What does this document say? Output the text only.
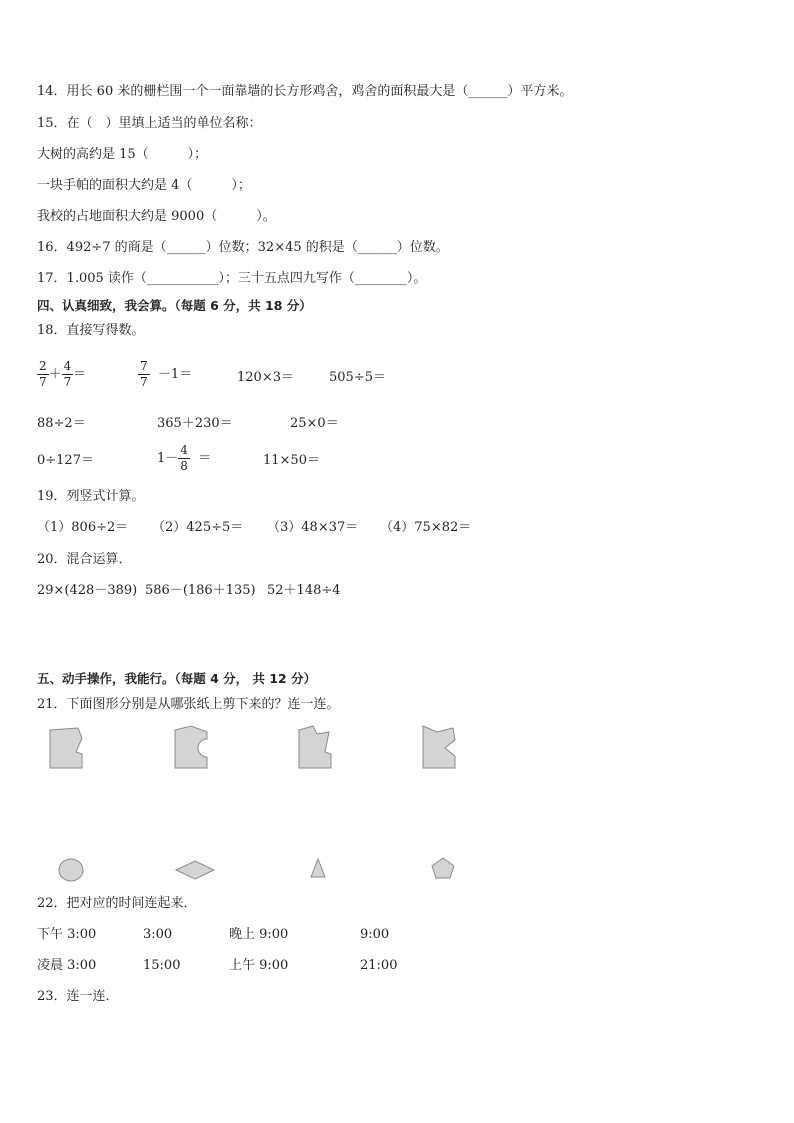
14．用长 60 米的栅栏围一个一面靠墙的长方形鸡舍，鸡舍的面积最大是（______）平方米。
15．在（　）里填上适当的单位名称：
大树的高约是 15（　　　）；
一块手帕的面积大约是 4（　　　）；
我校的占地面积大约是 9000（　　　）。
16．492÷7 的商是（______）位数；32×45 的积是（______）位数。
17．1.005 读作（___________）；三十五点四九写作（________）。
四、认真细致，我会算。（每题 6 分，共 18 分）
18．直接写得数。
$\frac{2}{7} + \frac{4}{7}$ ＝	$\frac{7}{7} -1=$	120×3＝	505÷5＝
88÷2＝	365＋230＝	25×0＝
0÷127＝	$1- \frac{4}{8}$ ＝	11×50＝
19．列竖式计算。
（1）806÷2＝ （2）425÷5＝ （3）48×37＝ （4）75×82＝
20．混合运算．
29×(428－389) 586－(186＋135) 52＋148÷4
五、动手操作，我能行。（每题 4 分， 共 12 分）
21．下面图形分别是从哪张纸上剪下来的？连一连。
22．把对应的时间连起来．
下午 3:00	3:00	晚上 9:00	9:00
凌晨 3:00	15:00	上午 9:00	21:00
23．连一连．
